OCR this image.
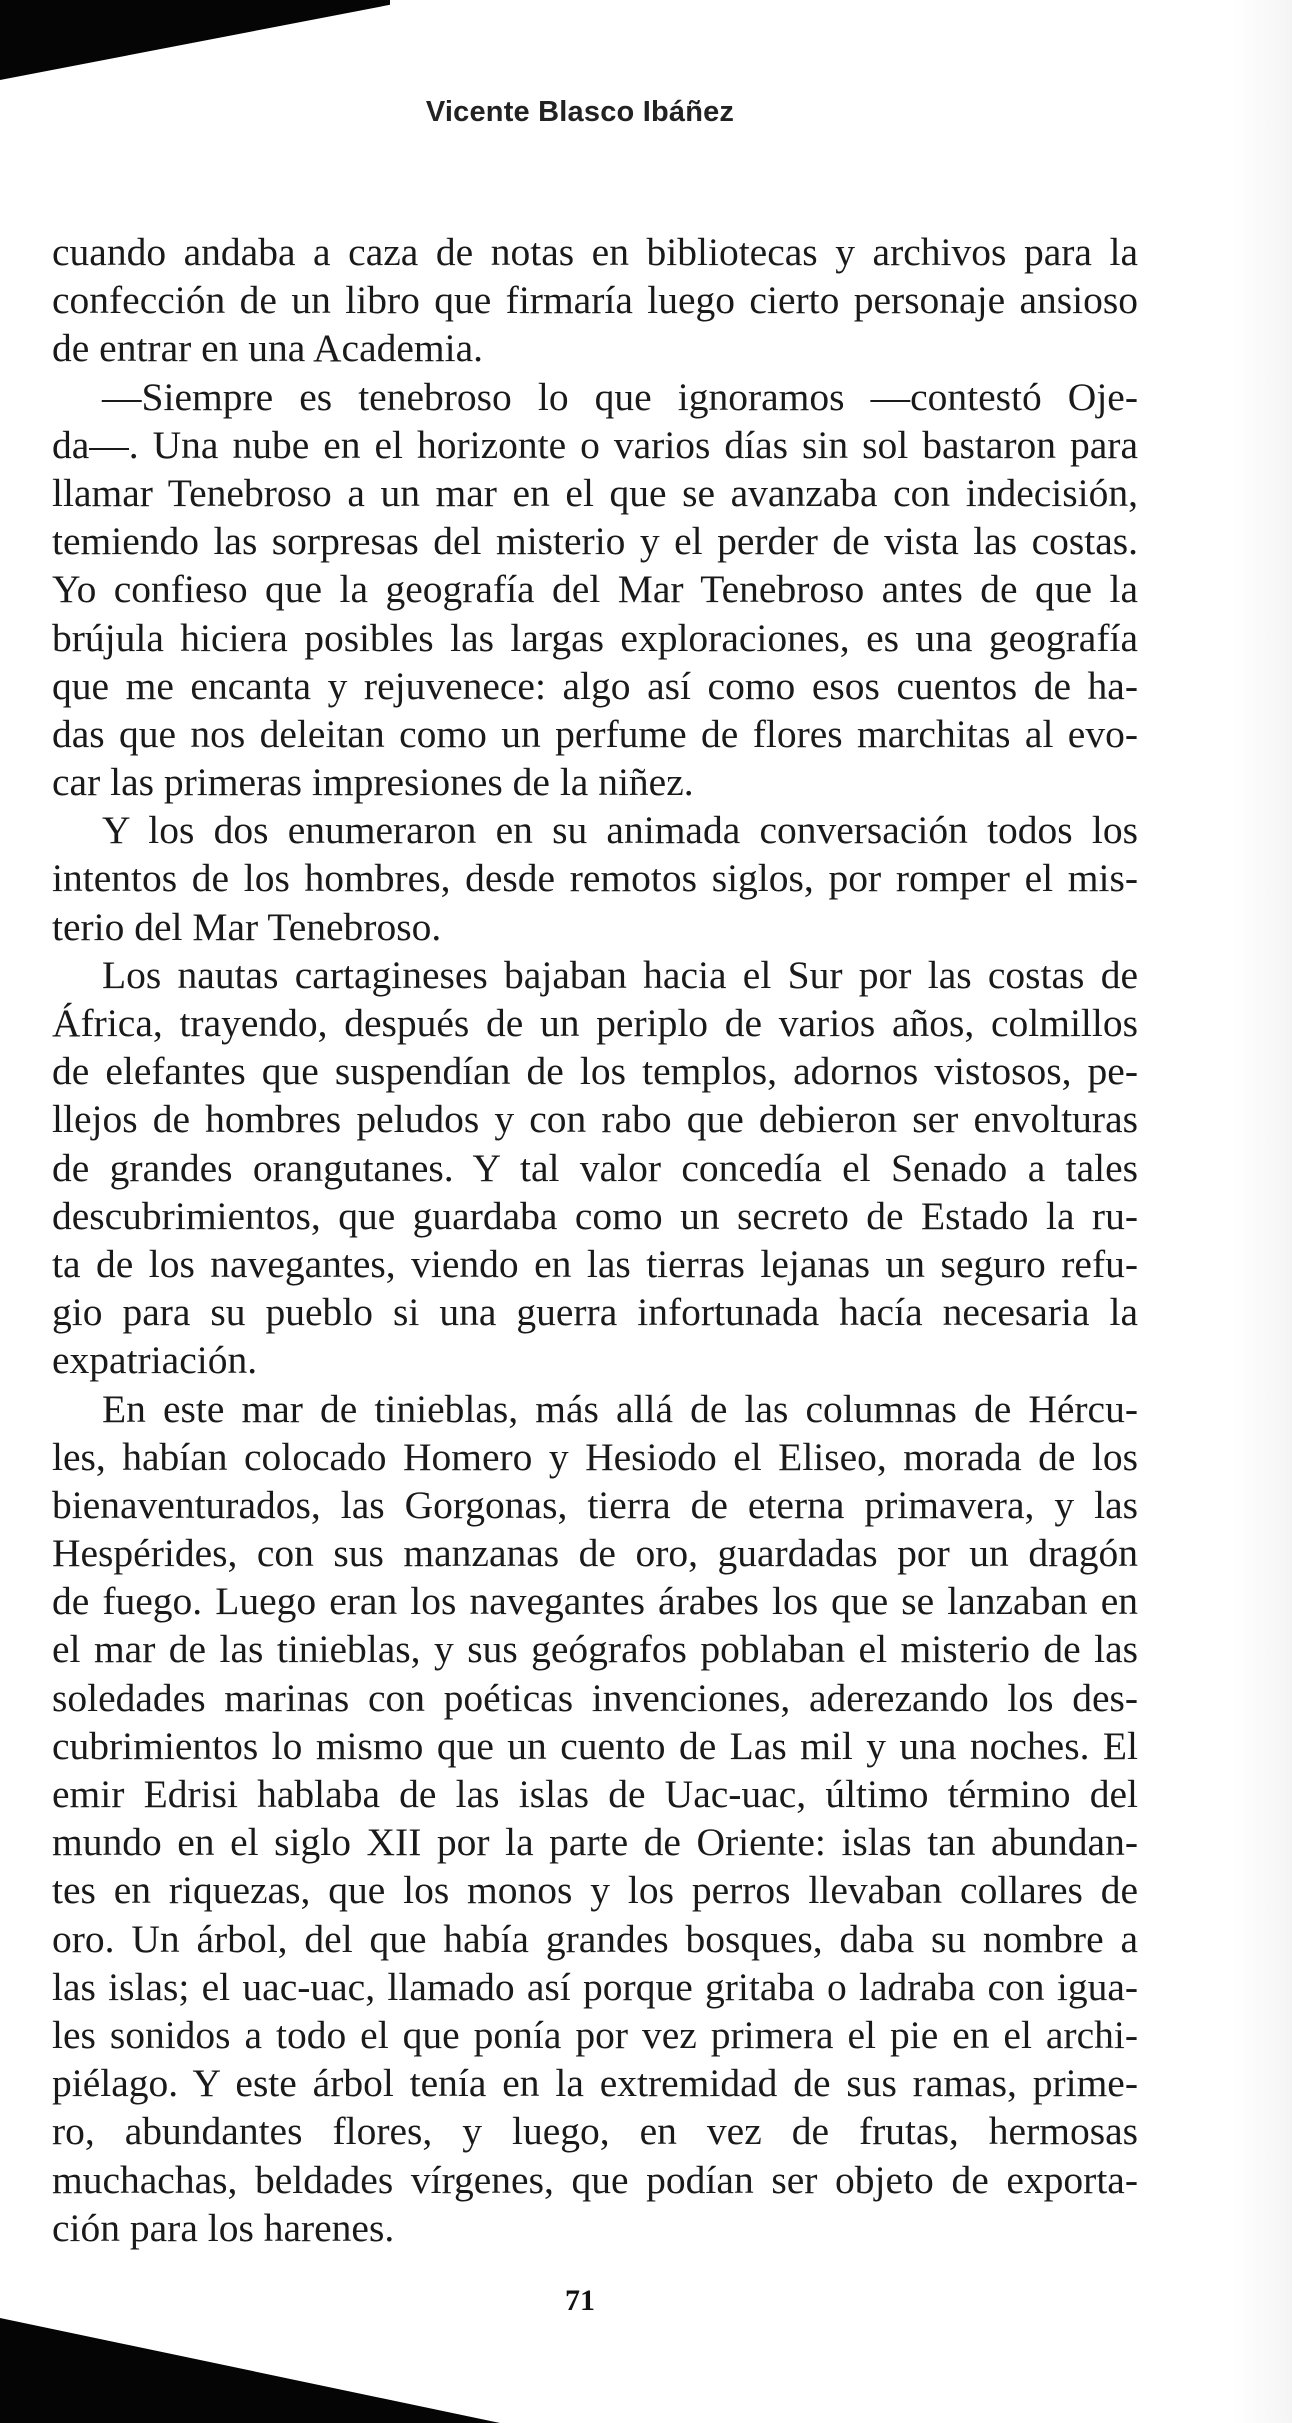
Vicente Blasco Ibáñez
cuando andaba a caza de notas en bibliotecas y archivos para la
confección de un libro que firmaría luego cierto personaje ansioso
de entrar en una Academia.
—Siempre es tenebroso lo que ignoramos —contestó Oje-
da—. Una nube en el horizonte o varios días sin sol bastaron para
llamar Tenebroso a un mar en el que se avanzaba con indecisión,
temiendo las sorpresas del misterio y el perder de vista las costas.
Yo confieso que la geografía del Mar Tenebroso antes de que la
brújula hiciera posibles las largas exploraciones, es una geografía
que me encanta y rejuvenece: algo así como esos cuentos de ha-
das que nos deleitan como un perfume de flores marchitas al evo-
car las primeras impresiones de la niñez.
Y los dos enumeraron en su animada conversación todos los
intentos de los hombres, desde remotos siglos, por romper el mis-
terio del Mar Tenebroso.
Los nautas cartagineses bajaban hacia el Sur por las costas de
África, trayendo, después de un periplo de varios años, colmillos
de elefantes que suspendían de los templos, adornos vistosos, pe-
llejos de hombres peludos y con rabo que debieron ser envolturas
de grandes orangutanes. Y tal valor concedía el Senado a tales
descubrimientos, que guardaba como un secreto de Estado la ru-
ta de los navegantes, viendo en las tierras lejanas un seguro refu-
gio para su pueblo si una guerra infortunada hacía necesaria la
expatriación.
En este mar de tinieblas, más allá de las columnas de Hércu-
les, habían colocado Homero y Hesiodo el Eliseo, morada de los
bienaventurados, las Gorgonas, tierra de eterna primavera, y las
Hespérides, con sus manzanas de oro, guardadas por un dragón
de fuego. Luego eran los navegantes árabes los que se lanzaban en
el mar de las tinieblas, y sus geógrafos poblaban el misterio de las
soledades marinas con poéticas invenciones, aderezando los des-
cubrimientos lo mismo que un cuento de Las mil y una noches. El
emir Edrisi hablaba de las islas de Uac-uac, último término del
mundo en el siglo XII por la parte de Oriente: islas tan abundan-
tes en riquezas, que los monos y los perros llevaban collares de
oro. Un árbol, del que había grandes bosques, daba su nombre a
las islas; el uac-uac, llamado así porque gritaba o ladraba con igua-
les sonidos a todo el que ponía por vez primera el pie en el archi-
piélago. Y este árbol tenía en la extremidad de sus ramas, prime-
ro, abundantes flores, y luego, en vez de frutas, hermosas
muchachas, beldades vírgenes, que podían ser objeto de exporta-
ción para los harenes.
71
